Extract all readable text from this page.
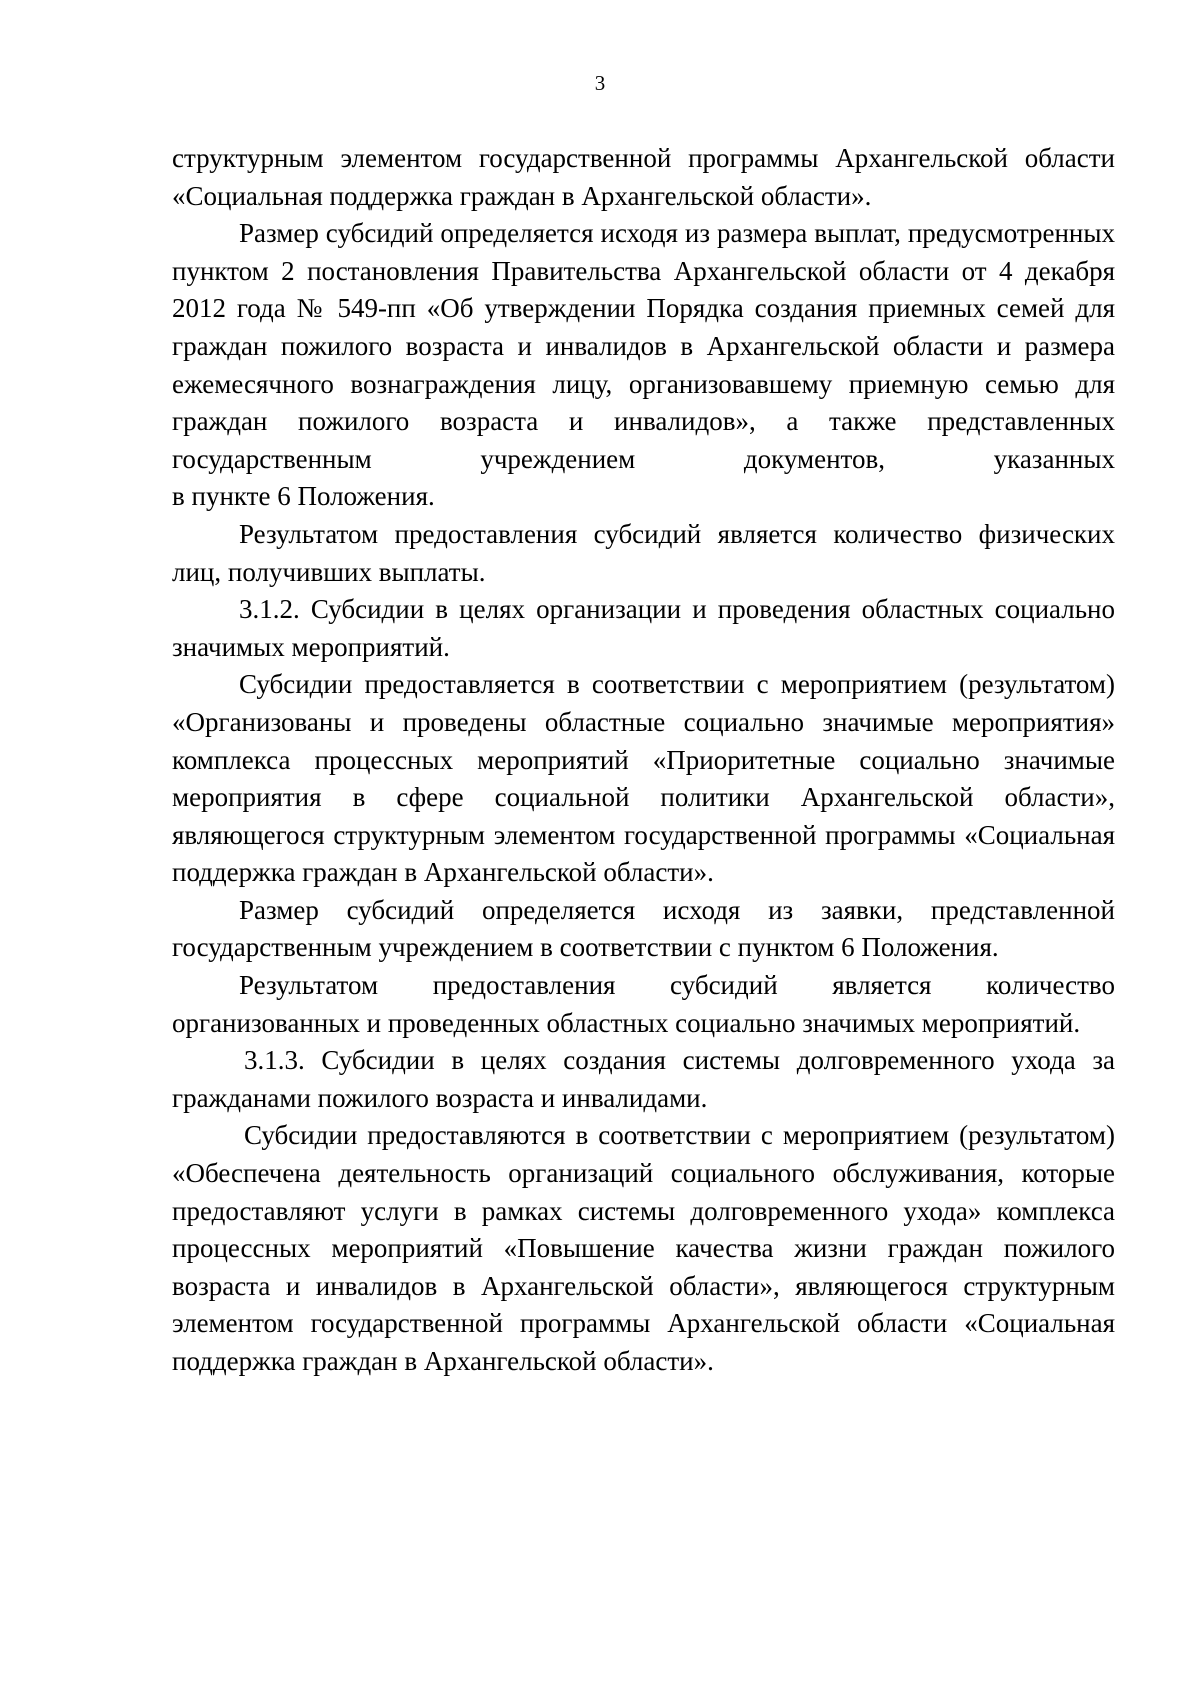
3

структурным элементом государственной программы Архангельской области «Социальная поддержка граждан в Архангельской области».

Размер субсидий определяется исходя из размера выплат, предусмотренных пунктом 2 постановления Правительства Архангельской области от 4 декабря 2012 года № 549-пп «Об утверждении Порядка создания приемных семей для граждан пожилого возраста и инвалидов в Архангельской области и размера ежемесячного вознаграждения лицу, организовавшему приемную семью для граждан пожилого возраста и инвалидов», а также представленных государственным учреждением документов, указанных
в пункте 6 Положения.

Результатом предоставления субсидий является количество физических лиц, получивших выплаты.

3.1.2. Субсидии в целях организации и проведения областных социально значимых мероприятий.

Субсидии предоставляется в соответствии с мероприятием (результатом) «Организованы и проведены областные социально значимые мероприятия» комплекса процессных мероприятий «Приоритетные социально значимые мероприятия в сфере социальной политики Архангельской области», являющегося структурным элементом государственной программы «Социальная поддержка граждан в Архангельской области».

Размер субсидий определяется исходя из заявки, представленной государственным учреждением в соответствии с пунктом 6 Положения.

Результатом предоставления субсидий является количество организованных и проведенных областных социально значимых мероприятий.

3.1.3. Субсидии в целях создания системы долговременного ухода за гражданами пожилого возраста и инвалидами.

Субсидии предоставляются в соответствии с мероприятием (результатом) «Обеспечена деятельность организаций социального обслуживания, которые предоставляют услуги в рамках системы долговременного ухода» комплекса процессных мероприятий «Повышение качества жизни граждан пожилого возраста и инвалидов в Архангельской области», являющегося структурным элементом государственной программы Архангельской области «Социальная поддержка граждан в Архангельской области».
